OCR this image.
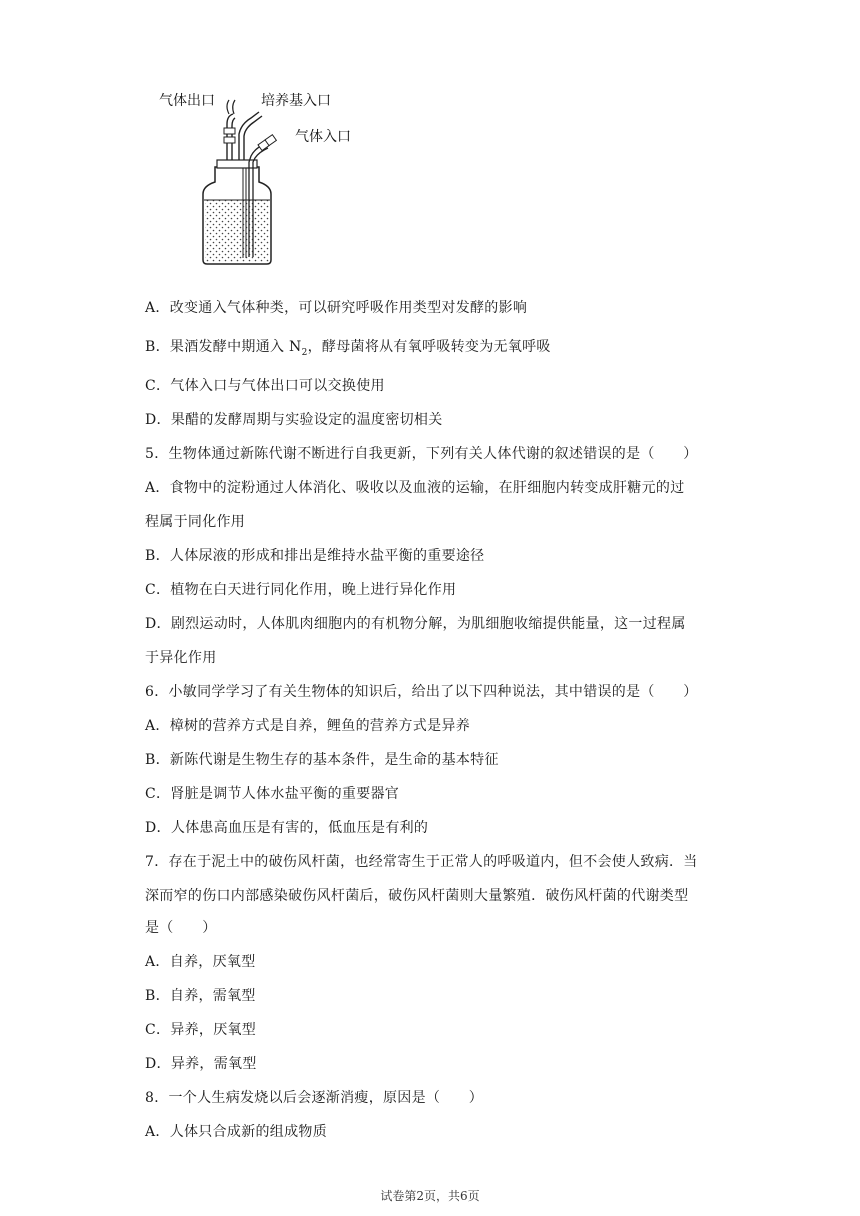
气体出口	培养基入口
气体入口
A．改变通入气体种类，可以研究呼吸作用类型对发酵的影响
B．果酒发酵中期通入 $N_2$，酵母菌将从有氧呼吸转变为无氧呼吸
C．气体入口与气体出口可以交换使用
D．果醋的发酵周期与实验设定的温度密切相关
5．生物体通过新陈代谢不断进行自我更新，下列有关人体代谢的叙述错误的是（　　）
A．食物中的淀粉通过人体消化、吸收以及血液的运输，在肝细胞内转变成肝糖元的过
程属于同化作用
B．人体尿液的形成和排出是维持水盐平衡的重要途径
C．植物在白天进行同化作用，晚上进行异化作用
D．剧烈运动时，人体肌肉细胞内的有机物分解，为肌细胞收缩提供能量，这一过程属
于异化作用
6．小敏同学学习了有关生物体的知识后，给出了以下四种说法，其中错误的是（　　）
A．樟树的营养方式是自养，鲤鱼的营养方式是异养
B．新陈代谢是生物生存的基本条件，是生命的基本特征
C．肾脏是调节人体水盐平衡的重要器官
D．人体患高血压是有害的，低血压是有利的
7．存在于泥土中的破伤风杆菌，也经常寄生于正常人的呼吸道内，但不会使人致病．当
深而窄的伤口内部感染破伤风杆菌后，破伤风杆菌则大量繁殖．破伤风杆菌的代谢类型
是（　　）
A．自养，厌氧型
B．自养，需氧型
C．异养，厌氧型
D．异养，需氧型
8．一个人生病发烧以后会逐渐消瘦，原因是（　　）
A．人体只合成新的组成物质
试卷第2页，共6页
